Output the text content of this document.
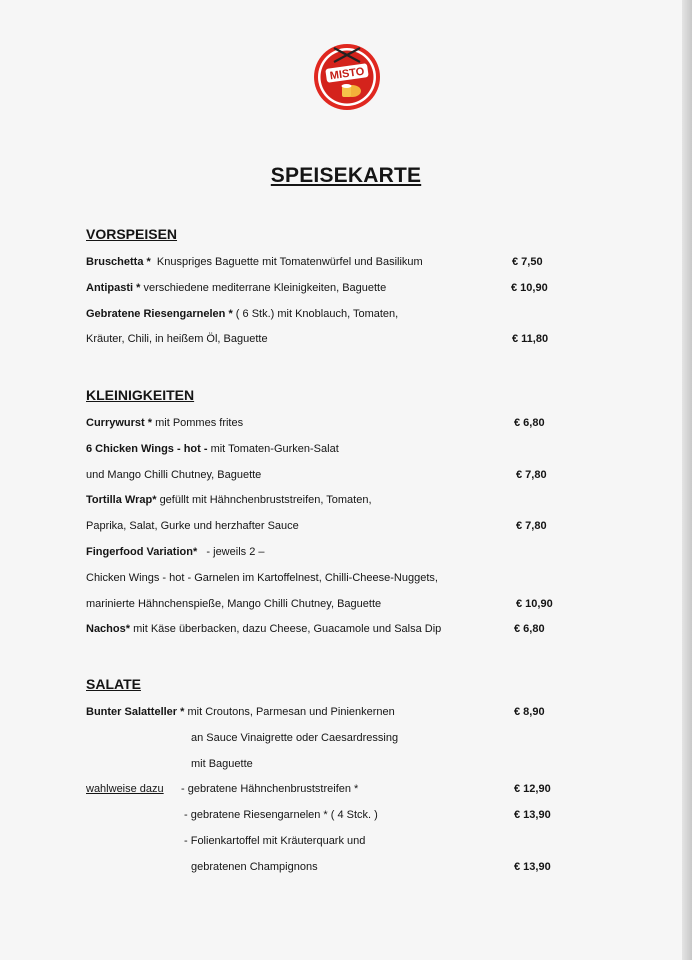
MISTO
SPEISEKARTE
VORSPEISEN
Bruschetta * Knuspriges Baguette mit Tomatenwürfel und Basilikum	€ 7,50
Antipasti * verschiedene mediterrane Kleinigkeiten, Baguette	€ 10,90
Gebratene Riesengarnelen * ( 6 Stk.) mit Knoblauch, Tomaten,
Kräuter, Chili, in heißem Öl, Baguette	€ 11,80
KLEINIGKEITEN
Currywurst * mit Pommes frites	€ 6,80
6 Chicken Wings - hot - mit Tomaten-Gurken-Salat
und Mango Chilli Chutney, Baguette	€ 7,80
Tortilla Wrap* gefüllt mit Hähnchenbruststreifen, Tomaten,
Paprika, Salat, Gurke und herzhafter Sauce	€ 7,80
Fingerfood Variation* - jeweils 2 –
Chicken Wings - hot - Garnelen im Kartoffelnest, Chilli-Cheese-Nuggets,
marinierte Hähnchenspieße, Mango Chilli Chutney, Baguette	€ 10,90
Nachos* mit Käse überbacken, dazu Cheese, Guacamole und Salsa Dip	€ 6,80
SALATE
Bunter Salatteller * mit Croutons, Parmesan und Pinienkernen	€ 8,90
an Sauce Vinaigrette oder Caesardressing
mit Baguette
wahlweise dazu - gebratene Hähnchenbruststreifen *	€ 12,90
- gebratene Riesengarnelen * ( 4 Stck. )	€ 13,90
- Folienkartoffel mit Kräuterquark und
gebratenen Champignons	€ 13,90
